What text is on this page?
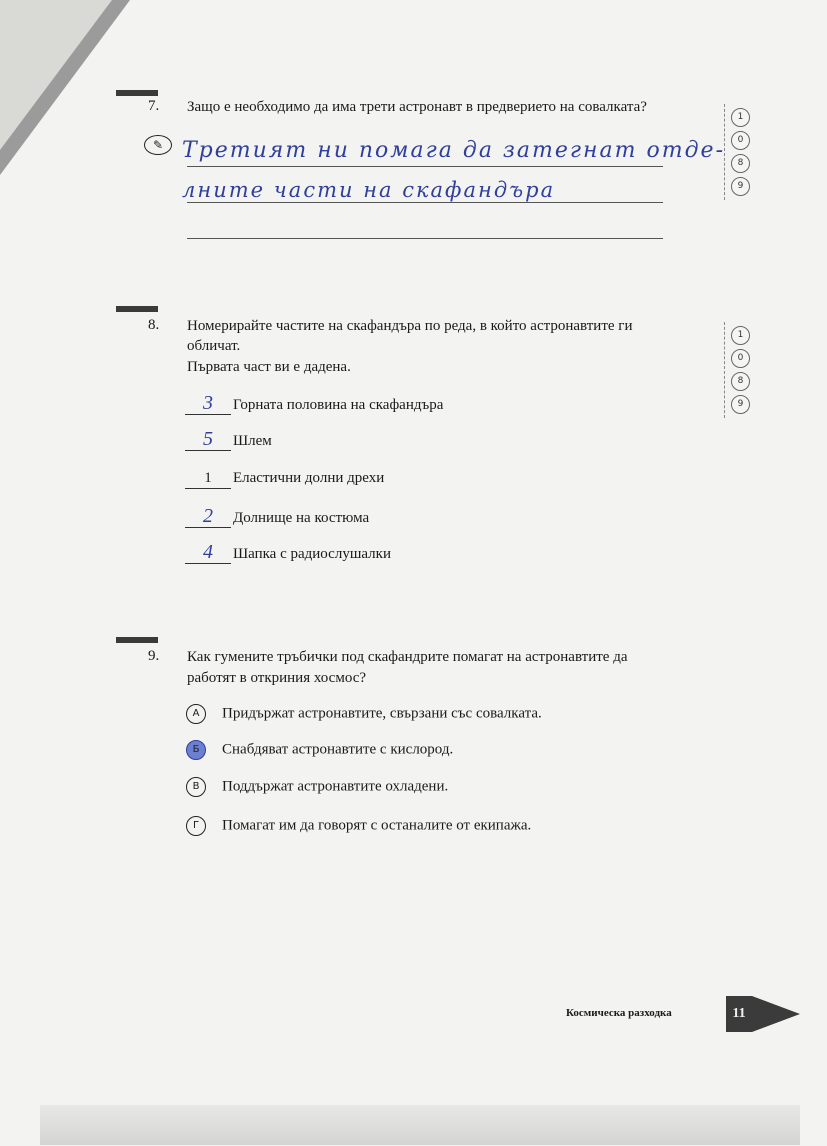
7. Защо е необходимо да има трети астронавт в предверието на совалката?
✎ Третият ни помага да затегнат отде-
лните части на скафандъра
1
0
8
9
8. Номерирайте частите на скафандъра по реда, в който астронавтите ги
обличат.
Първата част ви е дадена.
1
0
8
9
3 Горната половина на скафандъра
5 Шлем
1 Еластични долни дрехи
2 Долнище на костюма
4 Шапка с радиослушалки
9. Как гумените тръбички под скафандрите помагат на астронавтите да
работят в откриния хосмос?
А Придържат астронавтите, свързани със совалката.
Б Снабдяват астронавтите с кислород.
В Поддържат астронавтите охладени.
Г Помагат им да говорят с останалите от екипажа.
Космическа разходка	11
